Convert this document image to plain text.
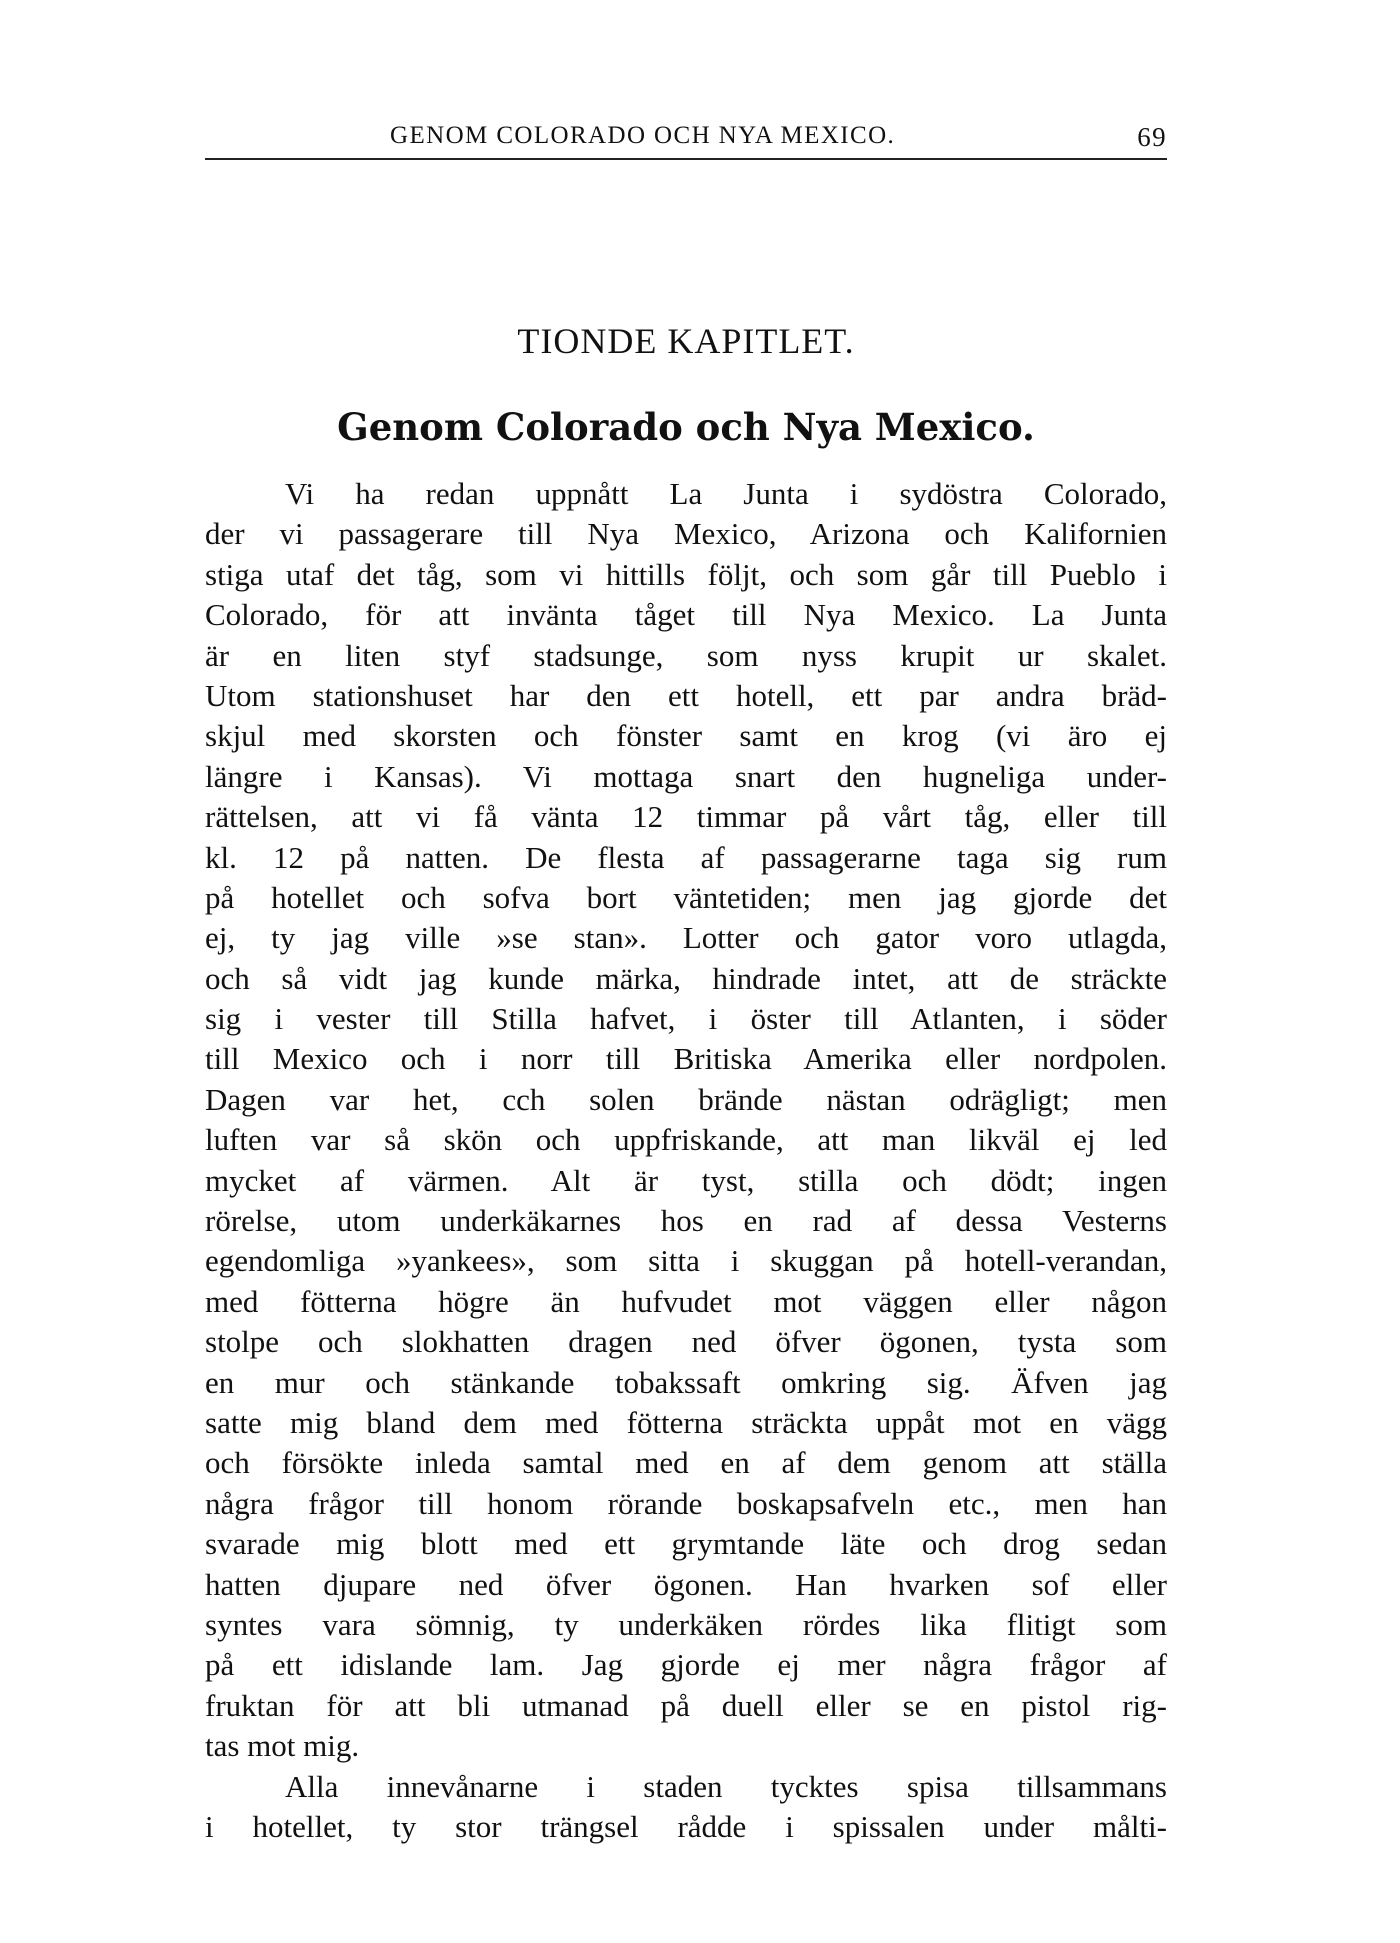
GENOM COLORADO OCH NYA MEXICO.	69
TIONDE KAPITLET.
Genom Colorado och Nya Mexico.
Vi ha redan uppnått La Junta i sydöstra Colorado,
der vi passagerare till Nya Mexico, Arizona och Kalifornien
stiga utaf det tåg, som vi hittills följt, och som går till Pueblo i
Colorado, för att invänta tåget till Nya Mexico. La Junta
är en liten styf stadsunge, som nyss krupit ur skalet.
Utom stationshuset har den ett hotell, ett par andra bräd-
skjul med skorsten och fönster samt en krog (vi äro ej
längre i Kansas). Vi mottaga snart den hugneliga under-
rättelsen, att vi få vänta 12 timmar på vårt tåg, eller till
kl. 12 på natten. De flesta af passagerarne taga sig rum
på hotellet och sofva bort väntetiden; men jag gjorde det
ej, ty jag ville »se stan». Lotter och gator voro utlagda,
och så vidt jag kunde märka, hindrade intet, att de sträckte
sig i vester till Stilla hafvet, i öster till Atlanten, i söder
till Mexico och i norr till Britiska Amerika eller nordpolen.
Dagen var het, cch solen brände nästan odrägligt; men
luften var så skön och uppfriskande, att man likväl ej led
mycket af värmen. Alt är tyst, stilla och dödt; ingen
rörelse, utom underkäkarnes hos en rad af dessa Vesterns
egendomliga »yankees», som sitta i skuggan på hotell-verandan,
med fötterna högre än hufvudet mot väggen eller någon
stolpe och slokhatten dragen ned öfver ögonen, tysta som
en mur och stänkande tobakssaft omkring sig. Äfven jag
satte mig bland dem med fötterna sträckta uppåt mot en vägg
och försökte inleda samtal med en af dem genom att ställa
några frågor till honom rörande boskapsafveln etc., men han
svarade mig blott med ett grymtande läte och drog sedan
hatten djupare ned öfver ögonen. Han hvarken sof eller
syntes vara sömnig, ty underkäken rördes lika flitigt som
på ett idislande lam. Jag gjorde ej mer några frågor af
fruktan för att bli utmanad på duell eller se en pistol rig-
tas mot mig.
Alla innevånarne i staden tycktes spisa tillsammans
i hotellet, ty stor trängsel rådde i spissalen under målti-
